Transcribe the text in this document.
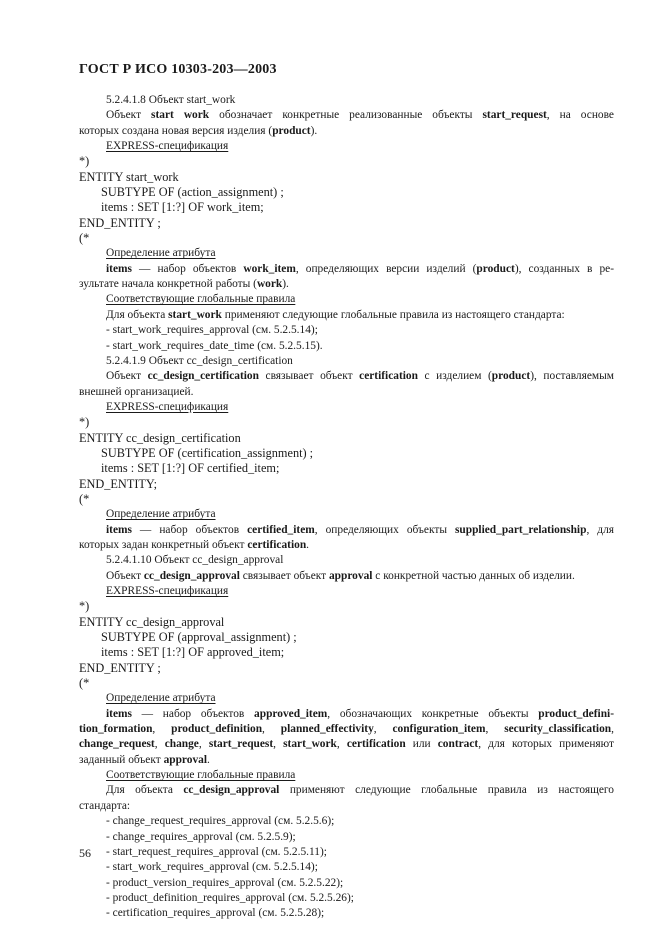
ГОСТ Р ИСО 10303-203—2003
5.2.4.1.8 Объект start_work
Объект start work обозначает конкретные реализованные объекты start_request, на основе
которых создана новая версия изделия (product).
EXPRESS-спецификация
*)
ENTITY start_work
SUBTYPE OF (action_assignment) ;
items : SET [1:?] OF work_item;
END_ENTITY ;
(*
Определение атрибута
items — набор объектов work_item, определяющих версии изделий (product), созданных в ре-
зультате начала конкретной работы (work).
Соответствующие глобальные правила
Для объекта start_work применяют следующие глобальные правила из настоящего стандарта:
- start_work_requires_approval (см. 5.2.5.14);
- start_work_requires_date_time (см. 5.2.5.15).
5.2.4.1.9 Объект cc_design_certification
Объект cc_design_certification связывает объект certification с изделием (product), поставляемым
внешней организацией.
EXPRESS-спецификация
*)
ENTITY cc_design_certification
SUBTYPE OF (certification_assignment) ;
items : SET [1:?] OF certified_item;
END_ENTITY;
(*
Определение атрибута
items — набор объектов certified_item, определяющих объекты supplied_part_relationship, для
которых задан конкретный объект certification.
5.2.4.1.10 Объект cc_design_approval
Объект cc_design_approval связывает объект approval с конкретной частью данных об изделии.
EXPRESS-спецификация
*)
ENTITY cc_design_approval
SUBTYPE OF (approval_assignment) ;
items : SET [1:?] OF approved_item;
END_ENTITY ;
(*
Определение атрибута
items — набор объектов approved_item, обозначающих конкретные объекты product_defini-
tion_formation, product_definition, planned_effectivity, configuration_item, security_classification,
change_request, change, start_request, start_work, certification или contract, для которых применяют
заданный объект approval.
Соответствующие глобальные правила
Для объекта cc_design_approval применяют следующие глобальные правила из настоящего
стандарта:
- change_request_requires_approval (см. 5.2.5.6);
- change_requires_approval (см. 5.2.5.9);
- start_request_requires_approval (см. 5.2.5.11);
- start_work_requires_approval (см. 5.2.5.14);
- product_version_requires_approval (см. 5.2.5.22);
- product_definition_requires_approval (см. 5.2.5.26);
- certification_requires_approval (см. 5.2.5.28);
56
